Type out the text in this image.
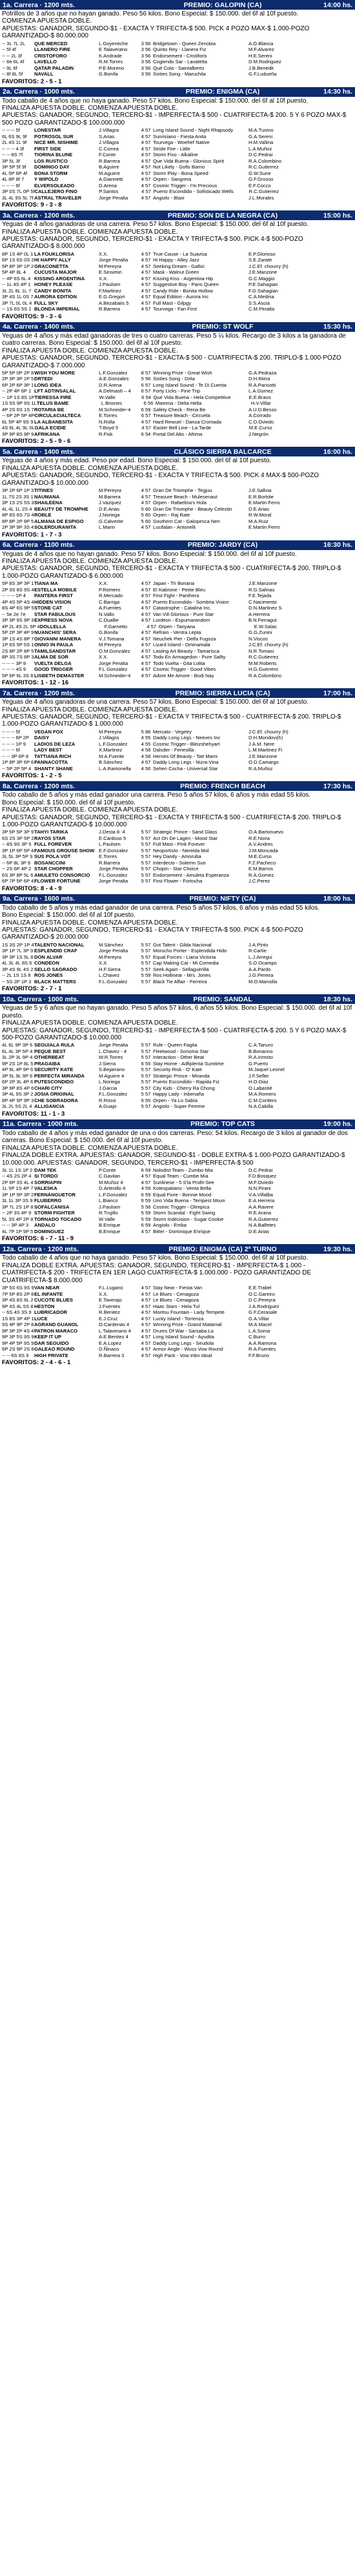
1a. Carrera · 1200 mts.	PREMIO: GALOPIN (CA)	14:00 hs.

Potrillos de 3 años que no hayan ganado. Peso 56 kilos. Bono Especial: $ 150.000. del 6f al 10f puesto.

COMIENZA APUESTA DOBLE.

APUESTAS: GANADOR, SEGUNDO-$1 - EXACTA Y TRIFECTA-$ 500. PICK 4 POZO MAX-$ 1.000-POZO GARANTIZADO-$ 80.000.000

-- 3L 7L 2L	QUE MERCED	L.Goyeneche	3 56 Bridgetown - Queen Zenobia	A.O.Blanca
-- 5f 4f	LLANERO FIRE	E.Talaverano	3 56 Quinto Rey - Llanera Fiz	M.F.Alvarez
-- -- 2L 3f	CRISTOFORO	K.Andrade	3 56 Endorsement - Cristiforis	H.E.Sereni
-- 6e 6L 4f	LAVELLO	R.M.Torres	3 56 Cogiendo Sar - Lavaletta	D.M.Rodriguez
-- 9L 6f	QATAR PALADIN	P.E.Moreno	3 56 Qué Cola - Saintalberto	J.B.Benedit
-- 8f 8L 5f	NAVALL	G.Bonifa	3 56 Sixties Song - Maruchila	G.F.Ludueña
FAVORITOS: 2 - 5 - 1
2a. Carrera · 1000 mts.	PREMIO: ENIGMA (CA)	14:30 hs.

Todo caballo de 4 años que no haya ganado. Peso 57 kilos. Bono Especial: $ 150.000. del 6f al 10f puesto.

FINALIZA APUESTA DOBLE. COMIENZA APUESTA DOBLE.

APUESTAS: GANADOR, SEGUNDO, TERCERO-$1 - IMPERFECTA-$ 500 - CUATRIFECTA-$ 200. 5 Y 6 POZO MAX-$ 500 POZO GARANTIZADO-$ 100.000.000

-- -- -- 5f	LONESTAR	J.Villagra	4 57 Long Island Sound - Night Rhapsody	M.A.Tunino
6L 6S 9L 9f	POTROSOL SUR	S.Arias	4 57 Sunrisiano - Fiesta Anita	G.A.Sereni
2L 4S 1L 9f	NICE MR. NISHIME	J.Villagra	4 57 Tourvega - Woehef Native	H.M.Vallina
-- -- -- 4 3f	FIRST SIDE	C.Correa	4 57 Stride Fire - Little	L.A.Muñoz
-- -- 8S 7f	TIORINA BLUNE	F.Conte	4 57 Storm Fiso - Alkaline	D.C.Pedrai
3P 5L 3f	LOS RUSTICO	R.Barrera	4 57 Que Vida Buena - Glorious Spirit	R.A.Colombino
3P 5P 5f 9f	DOMINGO DAY	B.Aguirre	4 57 Not Likely - Gofis Barrio	R.C.Gutierrez
4L 5P 6P 4f	BONA STORM	M.Aguirre	4 57 Storm Play - Bona Speed	G.W.Sune
4L 8P 8f 7	Y WIPOLD	A.Giannetti	4 57 Orpen - Sangrera	O.F.Grosso
-- -- -- 6f	ELVERSOLEADO	D.Arena	4 57 Cosmic Trigger - I'm Precious	E.F.Cocco
3P 0S 7L 0P 5f CALLEJERO FINO	P.Santos	4 57 Puerto Escondido - Sofisticado Wells	R.C.Gutierrez
3L 4L 9S 5L 7f ASTRAL TRAVELER	Jorge Peralta	4 57 Angiolo - Blaxi	J.L.Morales
FAVORITOS: 9 - 3 - 8
3a. Carrera · 1200 mts.	PREMIO: SON DE LA NEGRA (CA)	15:00 hs.

Yeguas de 4 años ganadoras de una carrera. Peso 57 kilos. Bono Especial: $ 150.000. del 6f al 10f puesto.

FINALIZA APUESTA DOBLE. COMIENZA APUESTA DOBLE.

APUESTAS: GANADOR, SEGUNDO, TERCERO-$1 - EXACTA Y TRIFECTA-$ 500. PICK 4-$ 500-POZO GARANTIZADO-$ 8.000.000

8P 1S 4P 0L 1 LA FOUKLORISA	X.X.	4 57 True Cause - La Suavisa	E.P.Glorioso
6P 1S 6S 0S 2 HI HAPPY ALLY	Jorge Peralta	4 57 Hi Happy - Alley Jazz	S.E.Zarate
5P 8P 3P 1P 2 GRACONETTA	M.Pereyra	4 57 Seeking Dream - Gallizi	J.C.Ef. chourry (h)
5P 4P 8L 4	CUCUSTA MAJOR	E.Sinsimin	4 57 Mask - Walnut Green	J.E.Manzone
-- 4P 6S 6L 4 KISSING ARGENTINA	X.X.	4 57 Kissing Kiss - Argentina Hip	G.C.Maggio
-- 1L 4S 4P 1 HONEY PLEASE	J.Paulsen	4 57 Suggestive Boy - Paris Queen	P.E.Sahagian
3L 2L 8L 1L 7 CANDY BONITA	F.Martinez	4 57 Candy Ride - Bonita Hollow	F.G.Sahagian
3P 4S 1L 0S 7 AURORA EDITION	E.G.Gregori	4 57 Equal Edition - Aurora Inc	C.A.Medina
3P 7L 0L 0L 4 FULL SKY	A.Bezabaiis 5	4 57 Full Mast - Gilpgy	S.S.Ascia
-- 1S 6S 5S 1 BLONDA IMPERIAL	R.Barrera	4 57 Tourvega - Fan First	C.M.Peralta
FAVORITOS: 9 - 3 - 6
4a. Carrera · 1400 mts.	PREMIO: ST WOLF	15:30 hs.

Yeguas de 4 años y más edad ganadoras de tres o cuatro carreras. Peso 5 ¼ kilos. Recargo de 3 kilos a la ganadora de cuatro carreras. Bono Especial: $ 150.000. del 6f al 10f puesto.

FINALIZA APUESTA DOBLE. COMIENZA APUESTA DOBLE.

APUESTAS: GANADOR, SEGUNDO, TERCERO-$1 - EXACTA-$ 500 - CUATRIFECTA-$ 200. TRIPLO-$ 1.000-POZO GARANTIZADO-$ 7.000.000

5P 5P 0P 2P 8 WISH YOU MORE	L.F.Gonzalez	8 57 Winning Prize - Great Wish	G.A.Pedraza
2P 3P 3P 1P 5 DRTEDI	A.E.Gonzales	5 56 Sixties Song - Drita	D.H.Riera
6P 2P 6P 3P 1 LONG IDEA	D.R.Arena	6 57 Long Island Sound - Te Di Cuenta	R.A.Parisotti
-- 2P 4P 6P 1 LFT ADTINSALAL	A.Delmas6 – 4	6 57 Forty Licks - Fine Trip	L.A.Gomez
-- 1P 1S 8S 1P TIERESSA FIRE	W.Valle	6 54 Que Vida Buena - Hela Competitive	E.E.Bravo
1S 5S 9P 9S 1L TELUS BAME	L.Briones	6 56 Mamma - Delta Hella	H.V.Villar
4P 2S 6S 1S 7 ROTARIA BE	M.Schneider-4	6 59 Safety Check - Rena Be	A.U.D.Besso
-- 6P 2P 5P 4P CIRCULACIALTECA	E.Torres	6 57 Treasure Beach - Circuela	A.Corrado
6L 5P 4P 9S 9 LA ALBANESITA	N.Rolla	4 57 Hard Rewuel - Danza Cromada	C.D.Oviedo
4S 6L 4L 9L 0L GALA ECIDIE	T.Boyd 5	4 57 Easter Bell Line - La Tarde	M.E.Curso
3P 9P 8S 9P 9 AFRIKANA	R.Fisk	6 54 Portal Del Alto - Afrima	J.Negrón
FAVORITOS: 2 - 5 - 9 - 6
5a. Carrera · 1400 mts.	CLÁSICO SIERRA BALCARCE	16:00 hs.

Yeguas de 4 años y más edad. Peso por edad. Bono Especial: $ 150.000. del 6f al 10f puesto.

FINALIZA APUESTA DOBLE. COMIENZA APUESTA DOBLE.

APUESTAS: GANADOR, SEGUNDO, TERCERO-$1 - EXACTA Y TRIFECTA-$ 500. PICK 4 MAX-$ 500-POZO GARANTIZADO-$ 10.000.000

3P 2P 6P 1P 3 TITINES	M.Pereyra	4 57 Gran De Triomphe - Tegjuu	J.E.Sallvia
1L 7S 2S 3S 1 NAUMANA	M.Barrera	4 57 Treasure Beach - Mulesenaut	E.R.Bortole
3P 1S 2S 5S 3 SHAILEENA	J.Vazquez	4 57 Orpen - Rafaelina's Hola	E.Martin Ferro
4L 4L 1L 2S 4 BEAUTY DE TROMPHE	D.E.Arias	5 60 Gran De Triomphe - Beauty Celestin	D.E.Arias
8P 8S 6S 7S 4 ROBLE	J.Noriega	5 60 Orpen - Raj Rate	R.W.Moral
8P 8P 2P 9P 5 ALMANA DE ESPIGO	G.Calvente	5 60 Southern Cat - Galopesca Nen	M.A.Ruiz
2P 3P 9P 3S 4 SOLERDURANITA	L.Marin	4 57 Lucifalan - Antonelli	E.Martin Ferro
FAVORITOS: 1 - 7 - 3
6a. Carrera · 1100 mts.	PREMIO: JARDY (CA)	16:30 hs.

Yeguas de 4 años que no hayan ganado. Peso 57 kilos. Bono Especial: $ 150.000. del 6f al 10f puesto.

FINALIZA APUESTA DOBLE. COMIENZA APUESTA DOBLE.

APUESTAS: GANADOR, SEGUNDO, TERCERO-$1 - EXACTA Y TRIFECTA-$ 500 - CUATRIFECTA-$ 200. TRIPLO-$ 1.000-POZO GARANTIZADO-$ 6.000.000

5P 8S 3P 3P 1 TIANA MA	X.X.	4 57 Japan - Tri Bonaria	J.E.Manzone
2P 3S 8S 9S 4 ESTELLA MOBILE	P.Romero	4 57 El Kabrone - Petite Bleu	R.G.Salinas
-- -- -- 1P 4	PANTERA FIRST	R.Mercado	4 57 First Fight - Panthera	F.E.Tejada
4P 4S 5P 4S 4 HIDDEN VISION	C.Barriga	4 57 Puerto Escondido - Sombria Vision	C.Nacimento
8S 4P 6S 9P 5 STONE CAT	A.Fuentes	4 57 Catastrophe - Catalina Inc.	D.N.Martinez S
-- 5e 2e 7e	STAR FABULOUS	N.Vallo	4 57 Van Vill Glorious - Pure Star	A.Herrera
3P 3P 9S 9P 3 EXPRESS NOVA	C.Duallie	4 57 Lordeon - Espumarandom	B.N.Ferragut
4P 2L 4S 2L 5P 4 DOLLELLA	F.Garnetto	4 57 Orpen - Tanyana	E.W.Salas
5P 2P 3P 4P 9 NUANCHIS' SERA	G.Bonifa	4 57 Refrain - Ventra Lepta	G.G.Zunini
3P 1S 4S 8P 7 GIOVANNI MANERA	V.J.Tomana	4 57 Neuchek Pier - Delfa Fugoza	N.Viscos
1P 6S 5P 5S 1 ONNO IN PAULA	M.Pereyra	4 57 Lizard Island - Ominamala	J.C.Ef. chourry (h)
2S 8P 2P 8P 5 TAMILSANDSTAR	O.M.Gonzalez	4 57 Lasting Art Beauty - Tamarisca	N.R.Tomasi
8P 3S 7S 8P 3 ALMA DE SOR	X.X.	4 57 Todo En Armagedon - Pure Sallty	R.C.Gutierrez
-- -- -- 3P 9	VUELTA DELGA	Jorge Peralta	4 57 Todo Vuelta - Gita Lolita	M.M.Roberts
-- -- -- 4S 9	GOOD TRIGGER	F.L.Gonzalez	4 57 Cosmic Trigger - Good Vibes	H.G.Guerrero
5P 6P 6L 3S 8 LISBETH DEMASTER	M.Schneider-4	4 57 Adore Me Amore - Bodi Nay	R.A.Colombino
FAVORITOS: 1 - 12 - 16
7a. Carrera · 1200 mts.	PREMIO: SIERRA LUCIA (CA)	17:00 hs.

Yeguas de 4 años ganadoras de una carrera. Peso 57 kilos. Bono Especial: $ 150.000. del 6f al 10f puesto.

FINALIZA APUESTA DOBLE. COMIENZA APUESTA DOBLE.

APUESTAS: GANADOR, SEGUNDO, TERCERO-$1 - EXACTA Y TRIFECTA-$ 500 - CUATRIFECTA-$ 200. TRIPLO-$ 1.000-POZO GARANTIZADO-$ 1.000.000

-- -- -- 5f	VEGAN FOX	M.Pereyra	5 86 Mercato - Vegetry	J.C.Ef. chourry (h)
-- -- -- 6P 2P	DAISY	J.Villagra	4 55 Daddy Long Legs - Neeves Inc	D.H.Mondovi(h)
-- -- -- 1P 9	LADIOS DE LEZA	L.F.Gonzalez	4 55 Cosmic Trigger - Bleizshehyart	J.A.M. Nere
-- -- -- 6f	LADY BEST	X.Martinez	4 58 Dalsder - Fenesilla	L.M.Martinez Fi
-- -- 3P 6P 8	TATTIANA RICH	M.A.Fuente	4 58 Heroes Of Beauty - Tatt Mami	J.E.Manzone
1P 8P 3P 6P 6 PANNACOTTA	B.Sánchez	4 57 Daddy Long Legs - Nizra-Vina	O.D.Camargo
-- 5P 2P 5P 4 SHANTY SHANE	L.A.Ramonella	4 56 Sehen Cocha - Universal Star	R.A.Muñoz
FAVORITOS: 1 - 2 - 5
8a. Carrera · 1200 mts.	PREMIO: FRENCH BEACH	17:30 hs.

Todo caballo de 5 años y más edad ganador una carrera. Peso 5 años 57 kilos, 6 años y más edad 55 kilos.

Bono Especial: $ 150.000. del 6f al 10f puesto.

FINALIZA APUESTA DOBLE. COMIENZA APUESTA DOBLE.

APUESTAS: GANADOR, SEGUNDO, TERCERO-$1 - EXACTA Y TRIFECTA-$ 500 - CUATRIFECTA-$ 200. TRIPLO-$ 1.000-POZO GARANTIZADO-$ 10.000.000

3P 5P 5P 3P 9 TAHYI TARIKA	J.Desta 8 -4	5 57 Strategic Prince - Sand Glass	O.A.Bartonuevo
6S 2S 3P 5P 2 RAYOS STAR	E.Cardoso 5	5 57 Act On De Lagen - Mood Star	R.E.Noria
-- 8S 9S 3P 5 FULL FOREVER	L.Paulsen	5 57 Full Mast - Pink Forever	A.V.Andres
3P 1P 6P 5P 4 FAMOUS GROUSE SHOW E.F.Gonzalez	5 57 Neoportisto - Nereida Mol	J.M.Moncada
3L 5L 3P 5P 9 SUS POLA VOT	E.Torres	5 57 Hey Dandy - Amoruba	M.E.Curso
-- 6P 8L 3P 6 BOSANCCINI	R.Barrera	5 57 Interdecto - Solemn Sun	F.Z.Pacheco
-- 2S 6P 4P 2 STAR CHOPPER	Jorge Peralta	5 57 Chopin - Star Choice	E.M.Barros
6S 3P 8P 5L 6 AMULETO CONSORCIO	F.L.Gonzalez	5 57 Endorsement - Amuleta Esperanza	R.A.Gomez
6P 7P 5P 6P 4 FLOWER FORTUNE	Jorge Peralta	5 57 First Flower - Fortocha	J.C.Perez
FAVORITOS: 8 - 4 - 9
9a. Carrera · 1600 mts.	PREMIO: NIFTY (CA)	18:00 hs.

Todo caballo de 5 años y más edad ganador de una carrera. Peso 5 años 57 kilos, 6 años y más edad 55 kilos.

Bono Especial: $ 150.000. del 6f al 10f puesto.

FINALIZA APUESTA DOBLE. COMIENZA APUESTA DOBLE.

APUESTAS: GANADOR, SEGUNDO, TERCERO-$1 - EXACTA Y TRIFECTA-$ 500. PICK 4-$ 500-POZO GARANTIZADO-$ 20.000.000

1S 3S 2P 1P 4 TALENTO NACIONAL	M.Sánchez	5 57 Got Talent - Gilda Nacional	J.A.Pinto
3P 1P 7L 3P 9 ESPLENDID CRAF	Jorge Peralta	5 57 Morocho Porter - Esplendida Hido	R.Cartie
3P 3P 1S 5L 8 DON ALVAR	M.Pereyra	5 57 Equal Forces - Liana Victoria	L.J.Arregui
4L 3L 4L 8S 6 CONDEON	X.X.	5 57 Cap Making Cat - Mi Comedia	S.O.Ocampo
3P 4S 9L 4S 2 SELLO SAGRADO	H.F.Sierra	5 57 Seek Again - Sellaguerilla	A.A.Pardo
-- 2L 1S 1S 8 ROS JONES	L.Chavez	5 59 Ros Hollinear - Mrs. Jones	J.G.Pereira
-- 5S 2P 1P 3 BLACK MATTERS	F.L.Gonzalez	5 57 Black Tie Affair - Ferreira	M.O.Mansilla
FAVORITOS: 2 - 7 - 1
10a. Carrera · 1000 mts.	PREMIO: SANDAL	18:30 hs.

Yeguas de 5 y 6 años que no hayan ganado. Peso 5 años 57 kilos, 6 años 55 kilos. Bono Especial: $ 150.000. del 6f al 10f puesto.

FINALIZA APUESTA DOBLE. COMIENZA APUESTA DOBLE.

APUESTAS: GANADOR, SEGUNDO, TERCERO-$1 - IMPERFECTA-$ 500 - CUATRIFECTA-$ 200. 5 Y 6 POZO MAX-$ 500-POZO GARANTIZADO-$ 10.000.000

4L 6L 9P 3P 6 SEGUIALA RULA	Jorge Peralta	5 57 Rule - Queen Fagita	C.A.Tanuro
6L 4L 3P 5P 4 PEQUE BEST	L.Chavez - 4	5 57 Fleetwood - Sonoma Star	B.Bonanno
3L 2P 3L 9P 4 OTHERBEAT	W.R.Torres	5 57 Interaction - Other Beat	R.A.Irimoto
9P 2S 1P 8L 5 PRAGAIBA	J.Sierra	6 55 Stay Home - Adfiplenta Sumtime	G.Puerto
4P 9L 4P 9P 6 SECURITY KATE	S.Bejarrano	5 57 Security Risk - O' Kate	M.Jaquel Leonel
3P 5L 9L 9P 6 PERFECTA MIRANDA	M.Aguirre 4	5 57 Strategic Prince - Miranda	J.F.Sefler
6P 2P 3L 4P 6 PUTESCONDIDO	L.Noriega	5 57 Puerto Escondido - Rapida Fiz	H.O.Diaz
3P 9P 8S 4P 6 CHARI CITY	J.Garcia	5 57 City Kids - Cherry Ra Chong	O.Labastié
3P 4L 9S 3P 2 JOSIA ORIGINAL	F.L.Gonzalez	5 57 Happy Lady - Inbenaña	M.A.Romero
8P 4P 5P 9P 3 CHE SOBRADORA	R.Rossi	6 55 Orpen - Ya Lo Sabía	C.M.Cordero
3L 2L 5S 2L 4 ALLIGANCIA	A.Guajo	5 57 Angiolo - Super Femme	N.A.Cabilla
FAVORITOS: 11 - 1 - 3
11a. Carrera · 1000 mts.	PREMIO: TOP CATS	19:00 hs.

Todo caballo de 4 años y más edad ganador de una o dos carreras. Peso: 54 kilos. Recargo de 3 kilos al ganador de dos carreras. Bono Especial: $ 150.000. del 6f al 10f puesto.

FINALIZA APUESTA DOBLE. COMIENZA APUESTA DOBLE.

FINALIZA DOBLE EXTRA. APUESTAS: GANADOR, SEGUNDO-$1 - DOBLE EXTRA-$ 1.000-POZO GARANTIZADO-$ 10.000.000. APUESTAS: GANADOR, SEGUNDO, TERCERO-$1 - IMPERFECTA-$ 500

3L 1L 1S 1P 2 DAM TEK	P.Conte	6 59 Nolodist Team - Zumbo Mia	D.C.Pedrai
-- 4S 2S 2P 4 SI TORDO	C.Gavilan	4 57 Equal Team - Cumbe Mia	F.D.Bosquez
2P 6P 3S 4L 4 SORRIAPIN	M.Muñoz 4	4 57 Sunlinese - 5 S'la Profit-See	M.F.Oviedo
1L 5P 1S 4P 7 VALESKA	D.Artenillo 4	4 59 Koteopatiano - Venta Bella	N.N.Pirani
3P 1P 5P 3P 2 FERNÁNGUETOR	L.F.Gonzalez	6 59 Equal Fiore - Bonnie Mood	V.A.Villalba
3L 1L 3P 3S 9 FLUBERRO	L.Bianco	6 59 Uno Vida Buena - Tempest Moun	E.A.Herrera
3P 7L 2S 1P 8 SOFALCANISA	J.Paulsen	5 56 Cosmic Trigger - Olimpica	A.A.Ravere
-- 2P 3S 4P 9 STORM FIGHTER	R.Trujillo	5 59 Storm Scandal - Fight Swing	R.E.Arana
5L 3S 4P 2P 8 TORNADO TOCADO	W.Valle	5 59 Storm Indecision - Sugar Cookie	R.A.Gutierrez
-- -- 3P 4P 3	ANDALO	B.Enrique	6 59 Angiolo - Emba	N.A.Balfetes
4L 7P 1P 9P 5 DOMINGUEZ	B.Enrique	4 57 Bitter - Dominique Enrique	D.E.Arias
FAVORITOS: 6 - 7 - 11 - 9
12a. Carrera · 1200 mts.	PREMIO: ENIGMA (CA) 2ª TURNO	19:30 hs.

Todo caballo de 4 años que no haya ganado. Peso 57 kilos. Bono Especial: $ 150.000. del 6f al 10f puesto.

FINALIZA DOBLE EXTRA. APUESTAS: GANADOR, SEGUNDO, TERCERO-$1 - IMPERFECTA-$ 1.000 - CUATRIFECTA-$ 200 - TRIFECTA EN 1ER LAGO CUATRIFECTA-$ 1.000.000 - POZO GARANTIZADO DE CUATRIFECTA-$ 8.000.000

3P 5S 6S 9S 9 VAN NEAR	F.L.Lugano	4 57 Stay Near - Fiesta Van	E.E.Trabel
7P 5P 8S 2P 8 EL INFANTE	X.X.	4 57 Le Blues - Cenagoza	O.C.Gareiro
3P 4S 8S 9L 2 CUCOTE BLUES	E.Taverajo	4 57 Le Blues - Cenagoza	D.C.Pereyra
9P 4S 4L 5S 8 HESTON	J.Fuentes	4 57 Haas Stars - Hela Tul	J.A.Rodriguez
-- 6S 4S 3S 9 LUBRICADOR	R.Benitez	4 57 Moritsu Fountain - Lady Tempete	G.F.Cerasale
1S 8S 3P 4P 1 LUCE	E.J.Cruz	4 57 Lucky Island - Torrenza	G.A.Villar
9S 4P 9P 2P 8 AGRAND GUANOL	O.Cardenas 4	4 57 Winning Prize - Grand Matarnal	M.A.Macel
9P 3P 2P 4S 4 PATRON MARACO	L.Talaverano 4	4 57 Drums Of War - Sarsaba La	L.A.Soma
9P 3P 5S 9S 9 KEEP IT UP	A.E.Benitez 4	4 57 Long Island Sound - Ayudita	C.Burro
9P 4P 5P 9S 9 DAR SEGUIDO	E.A.Lopez	4 57 Daddy Long Legs - Seudola	A.A.Ramona
6P 2S 9P 2S 8 GALEAO ROUND	D.Ñinaco	4 57 Armor Angle - Wuss Vow Round	R.A.Fuentes
-- -- 6S 8S 9	HIGH PRIVATE	R.Barrera 3	4 57 High Pack - Vow Inbn Idoal	F.F.Bruno
FAVORITOS: 2 - 4 - 6 - 1
